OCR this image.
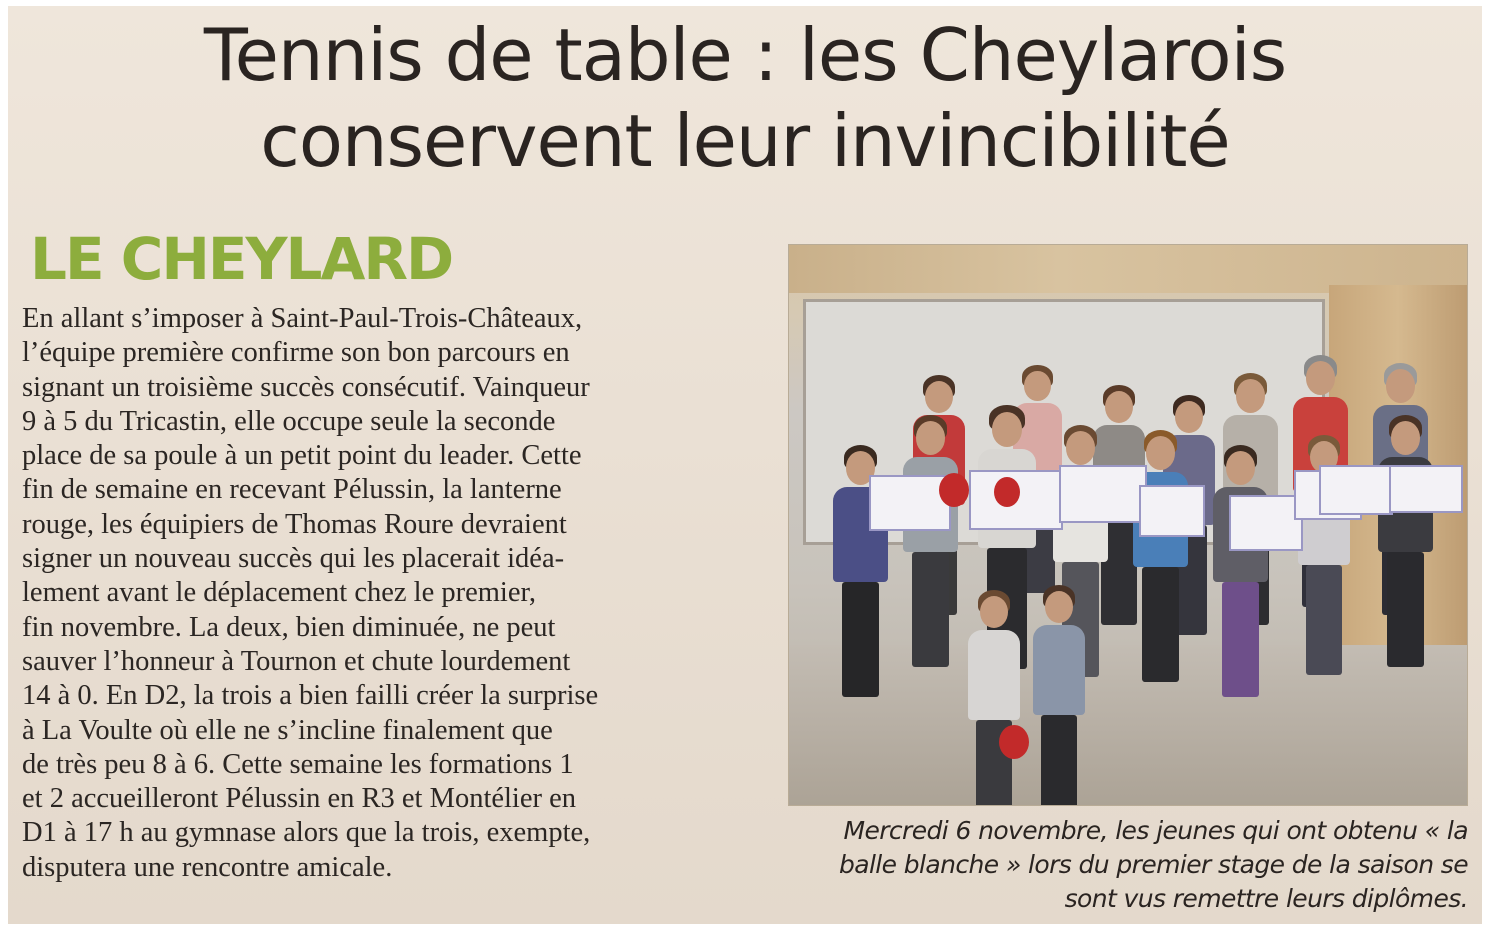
Tennis de table : les Cheylarois
conservent leur invincibilité
LE CHEYLARD
En allant s’imposer à Saint-Paul-Trois-Châteaux,
l’équipe première confirme son bon parcours en
signant un troisième succès consécutif. Vainqueur
9 à 5 du Tricastin, elle occupe seule la seconde
place de sa poule à un petit point du leader. Cette
fin de semaine en recevant Pélussin, la lanterne
rouge, les équipiers de Thomas Roure devraient
signer un nouveau succès qui les placerait idéa-
lement avant le déplacement chez le premier,
fin novembre. La deux, bien diminuée, ne peut
sauver l’honneur à Tournon et chute lourdement
14 à 0. En D2, la trois a bien failli créer la surprise
à La Voulte où elle ne s’incline finalement que
de très peu 8 à 6. Cette semaine les formations 1
et 2 accueilleront Pélussin en R3 et Montélier en
D1 à 17 h au gymnase alors que la trois, exempte,
disputera une rencontre amicale.
Mercredi 6 novembre, les jeunes qui ont obtenu « la
balle blanche » lors du premier stage de la saison se
sont vus remettre leurs diplômes.
